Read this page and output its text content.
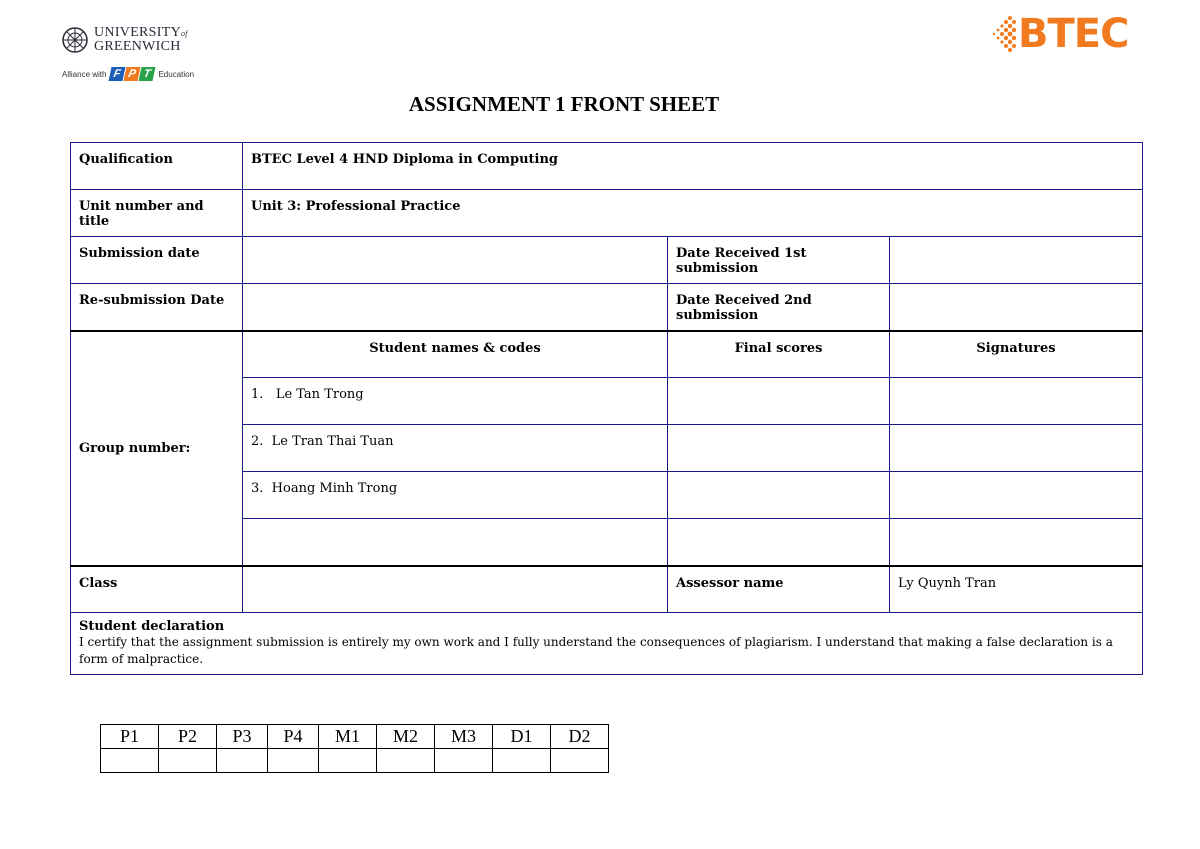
UNIVERSITYof
GREENWICH
Alliance with F P T Education
BTEC
ASSIGNMENT 1 FRONT SHEET
Qualification	BTEC Level 4 HND Diploma in Computing		
Unit number and title	Unit 3: Professional Practice		
Submission date		Date Received 1st submission	
Re-submission Date		Date Received 2nd submission	
Group number:	Student names & codes	Final scores	Signatures
	1. Le Tan Trong		
	2. Le Tran Thai Tuan		
	3. Hoang Minh Trong		

Class		Assessor name	Ly Quynh Tran

Student declaration
I certify that the assignment submission is entirely my own work and I fully understand the consequences of plagiarism. I understand that making a false declaration is a form of malpractice.			
P1	P2	P3	P4	M1	M2	M3	D1	D2
